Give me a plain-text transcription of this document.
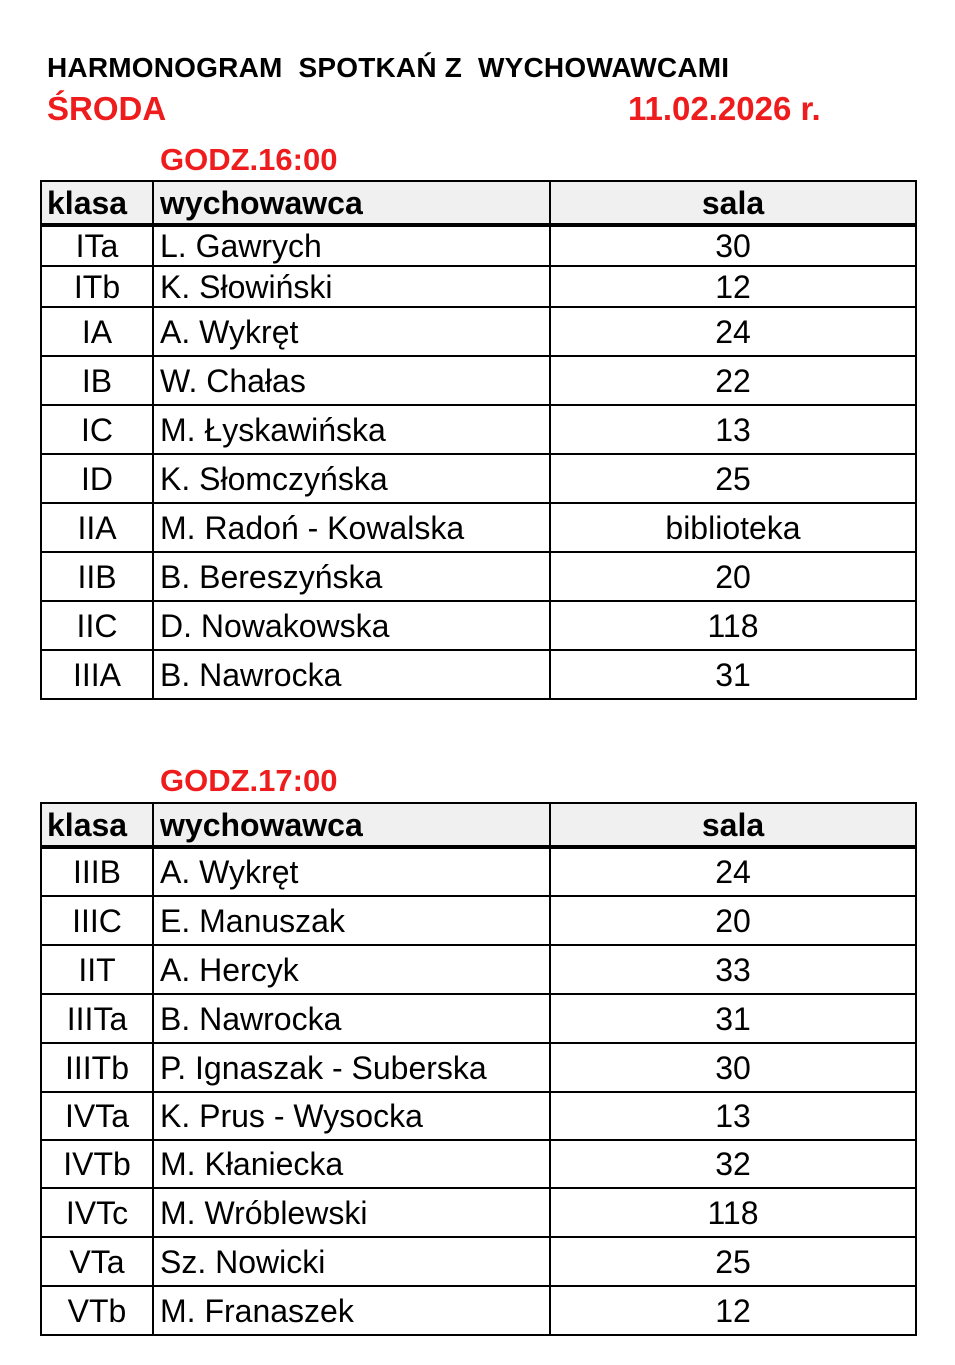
HARMONOGRAM  SPOTKAŃ Z  WYCHOWAWCAMI
ŚRODA	11.02.2026 r.
GODZ.16:00
klasa	wychowawca	sala
ITa	L. Gawrych	30
ITb	K. Słowiński	12
IA	A. Wykręt	24
IB	W. Chałas	22
IC	M. Łyskawińska	13
ID	K. Słomczyńska	25
IIA	M. Radoń - Kowalska	biblioteka
IIB	B. Bereszyńska	20
IIC	D. Nowakowska	118
IIIA	B. Nawrocka	31
GODZ.17:00
klasa	wychowawca	sala
IIIB	A. Wykręt	24
IIIC	E. Manuszak	20
IIT	A. Hercyk	33
IIITa	B. Nawrocka	31
IIITb	P. Ignaszak - Suberska	30
IVTa	K. Prus - Wysocka	13
IVTb	M. Kłaniecka	32
IVTc	M. Wróblewski	118
VTa	Sz. Nowicki	25
VTb	M. Franaszek	12
